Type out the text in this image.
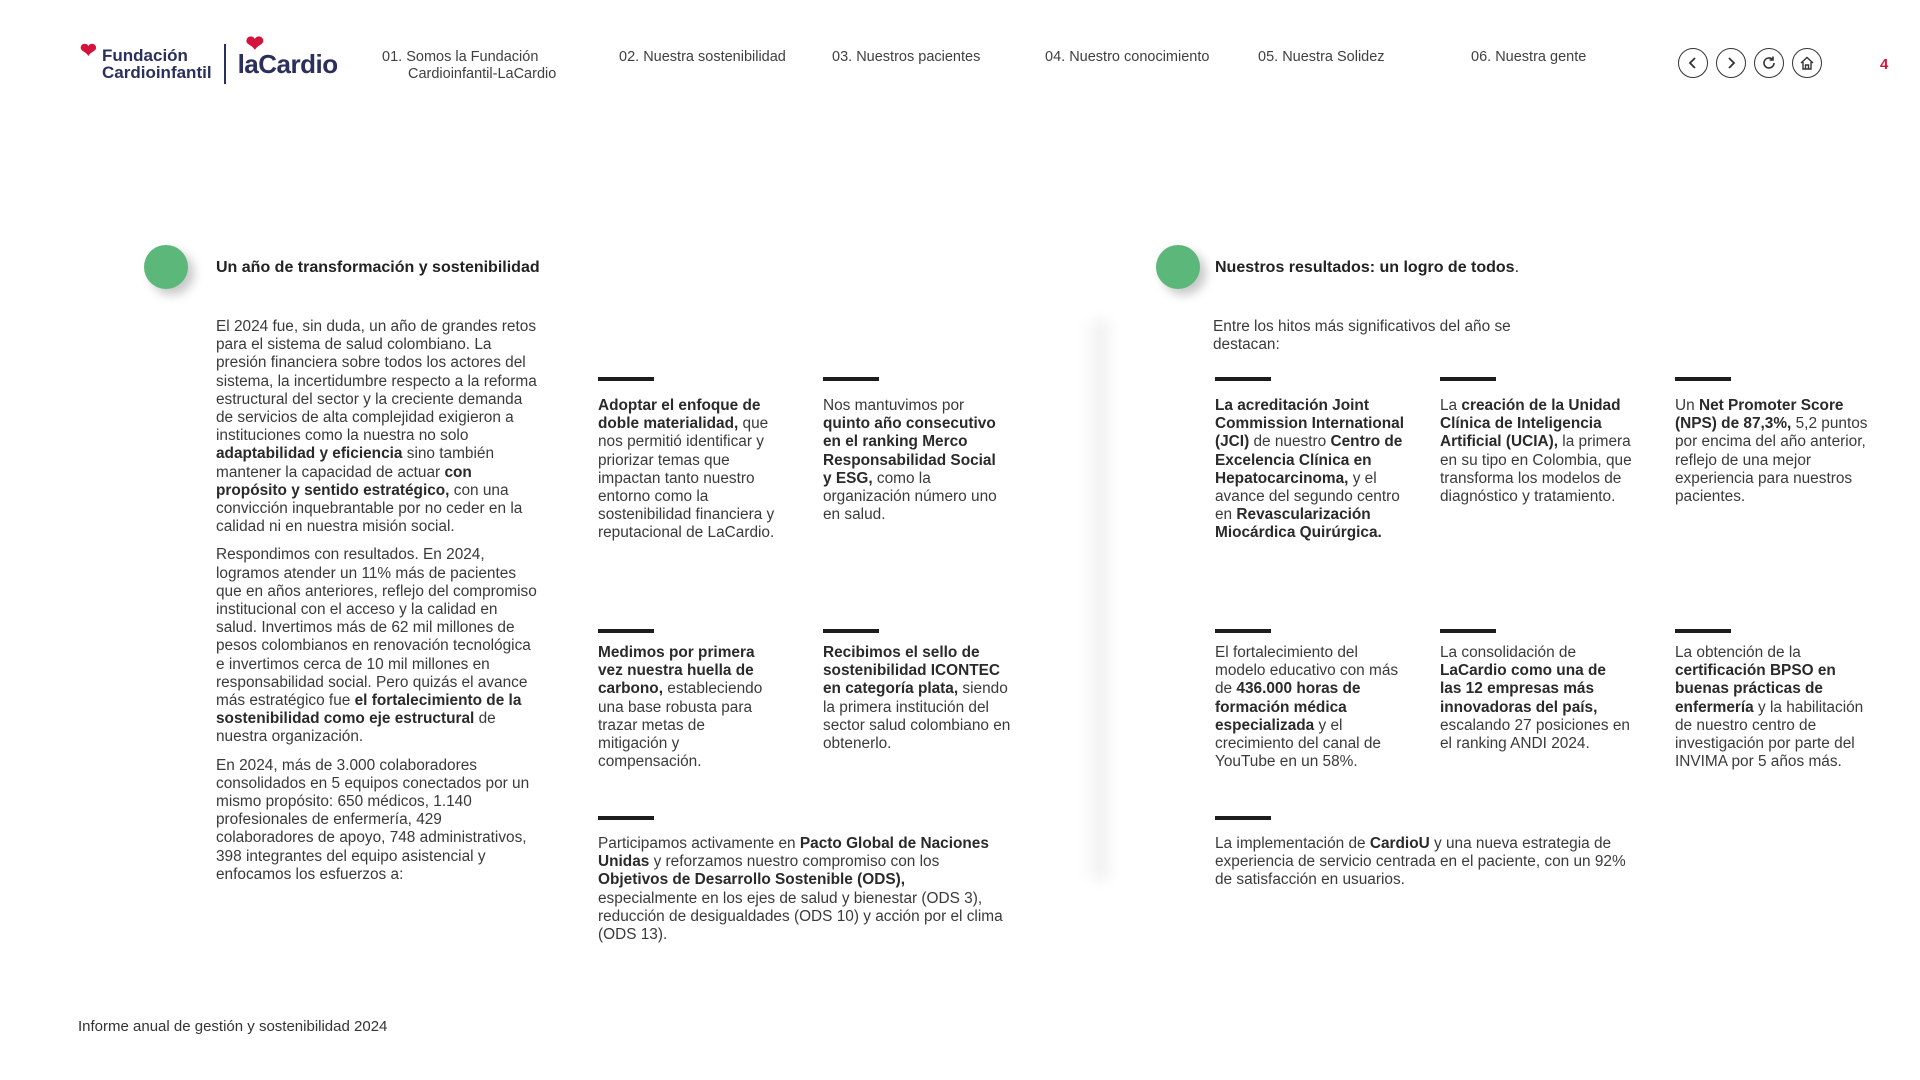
❤ Fundación
Cardioinfantil
❤
laCardio	01. Somos la Fundación
Cardioinfantil-LaCardio
02. Nuestra sostenibilidad	03. Nuestros pacientes	04. Nuestro conocimiento	05. Nuestra Solidez	06. Nuestra gente	4
Un año de transformación y sostenibilidad

El 2024 fue, sin duda, un año de grandes retos para el sistema de salud colombiano. La presión financiera sobre todos los actores del sistema, la incertidumbre respecto a la reforma estructural del sector y la creciente demanda de servicios de alta complejidad exigieron a instituciones como la nuestra no solo adaptabilidad y eficiencia sino también mantener la capacidad de actuar con propósito y sentido estratégico, con una convicción inquebrantable por no ceder en la calidad ni en nuestra misión social.

Respondimos con resultados. En 2024, logramos atender un 11% más de pacientes que en años anteriores, reflejo del compromiso institucional con el acceso y la calidad en salud. Invertimos más de 62 mil millones de pesos colombianos en renovación tecnológica e invertimos cerca de 10 mil millones en responsabilidad social. Pero quizás el avance más estratégico fue el fortalecimiento de la sostenibilidad como eje estructural de nuestra organización.

En 2024, más de 3.000 colaboradores consolidados en 5 equipos conectados por un mismo propósito: 650 médicos, 1.140 profesionales de enfermería, 429 colaboradores de apoyo, 748 administrativos, 398 integrantes del equipo asistencial y enfocamos los esfuerzos a:

Adoptar el enfoque de doble materialidad, que nos permitió identificar y priorizar temas que impactan tanto nuestro entorno como la sostenibilidad financiera y reputacional de LaCardio.
Nos mantuvimos por quinto año consecutivo en el ranking Merco Responsabilidad Social y ESG, como la organización número uno en salud.
Medimos por primera vez nuestra huella de carbono, estableciendo una base robusta para trazar metas de mitigación y compensación.
Recibimos el sello de sostenibilidad ICONTEC en categoría plata, siendo la primera institución del sector salud colombiano en obtenerlo.
Participamos activamente en Pacto Global de Naciones Unidas y reforzamos nuestro compromiso con los Objetivos de Desarrollo Sostenible (ODS), especialmente en los ejes de salud y bienestar (ODS 3), reducción de desigualdades (ODS 10) y acción por el clima (ODS 13).
Nuestros resultados: un logro de todos.
Entre los hitos más significativos del año se destacan:
La acreditación Joint Commission International (JCI) de nuestro Centro de Excelencia Clínica en Hepatocarcinoma, y el avance del segundo centro en Revascularización Miocárdica Quirúrgica.
La creación de la Unidad Clínica de Inteligencia Artificial (UCIA), la primera en su tipo en Colombia, que transforma los modelos de diagnóstico y tratamiento.
Un Net Promoter Score (NPS) de 87,3%, 5,2 puntos por encima del año anterior, reflejo de una mejor experiencia para nuestros pacientes.
El fortalecimiento del modelo educativo con más de 436.000 horas de formación médica especializada y el crecimiento del canal de YouTube en un 58%.
La consolidación de LaCardio como una de las 12 empresas más innovadoras del país, escalando 27 posiciones en el ranking ANDI 2024.
La obtención de la certificación BPSO en buenas prácticas de enfermería y la habilitación de nuestro centro de investigación por parte del INVIMA por 5 años más.
La implementación de CardioU y una nueva estrategia de experiencia de servicio centrada en el paciente, con un 92% de satisfacción en usuarios.
Informe anual de gestión y sostenibilidad 2024
